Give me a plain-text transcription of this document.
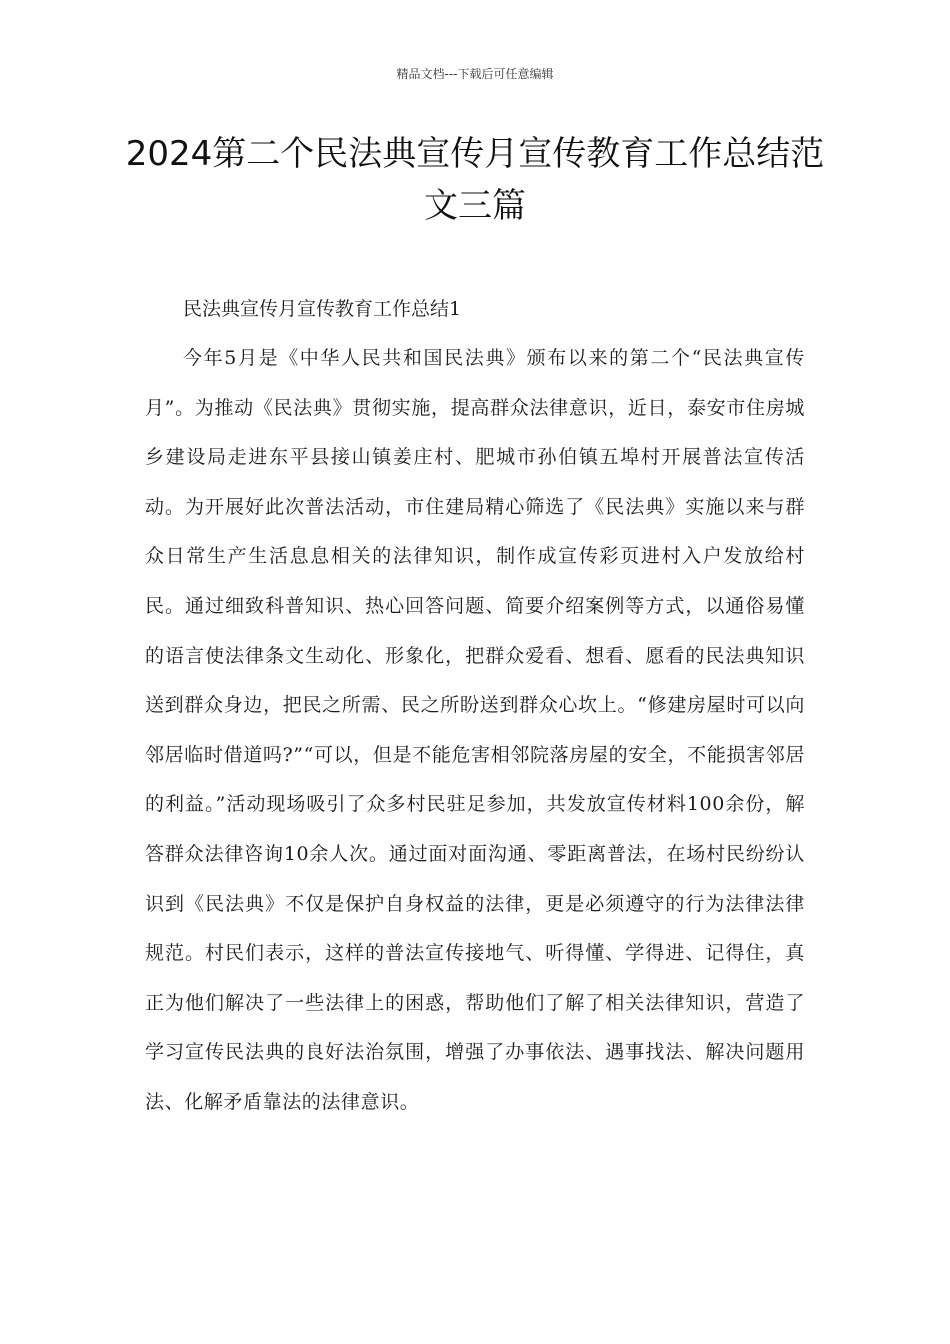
精品文档---下载后可任意编辑
2024第二个民法典宣传月宣传教育工作总结范文三篇

民法典宣传月宣传教育工作总结1

今年5月是《中华人民共和国民法典》颁布以来的第二个“民法典宣传月”。为推动《民法典》贯彻实施，提高群众法律意识，近日，泰安市住房城乡建设局走进东平县接山镇姜庄村、肥城市孙伯镇五埠村开展普法宣传活动。为开展好此次普法活动，市住建局精心筛选了《民法典》实施以来与群众日常生产生活息息相关的法律知识，制作成宣传彩页进村入户发放给村民。通过细致科普知识、热心回答问题、简要介绍案例等方式，以通俗易懂的语言使法律条文生动化、形象化，把群众爱看、想看、愿看的民法典知识送到群众身边，把民之所需、民之所盼送到群众心坎上。“修建房屋时可以向邻居临时借道吗?”“可以，但是不能危害相邻院落房屋的安全，不能损害邻居的利益。”活动现场吸引了众多村民驻足参加，共发放宣传材料100余份，解答群众法律咨询10余人次。通过面对面沟通、零距离普法，在场村民纷纷认识到《民法典》不仅是保护自身权益的法律，更是必须遵守的行为法律法律规范。村民们表示，这样的普法宣传接地气、听得懂、学得进、记得住，真正为他们解决了一些法律上的困惑，帮助他们了解了相关法律知识，营造了学习宣传民法典的良好法治氛围，增强了办事依法、遇事找法、解决问题用法、化解矛盾靠法的法律意识。
